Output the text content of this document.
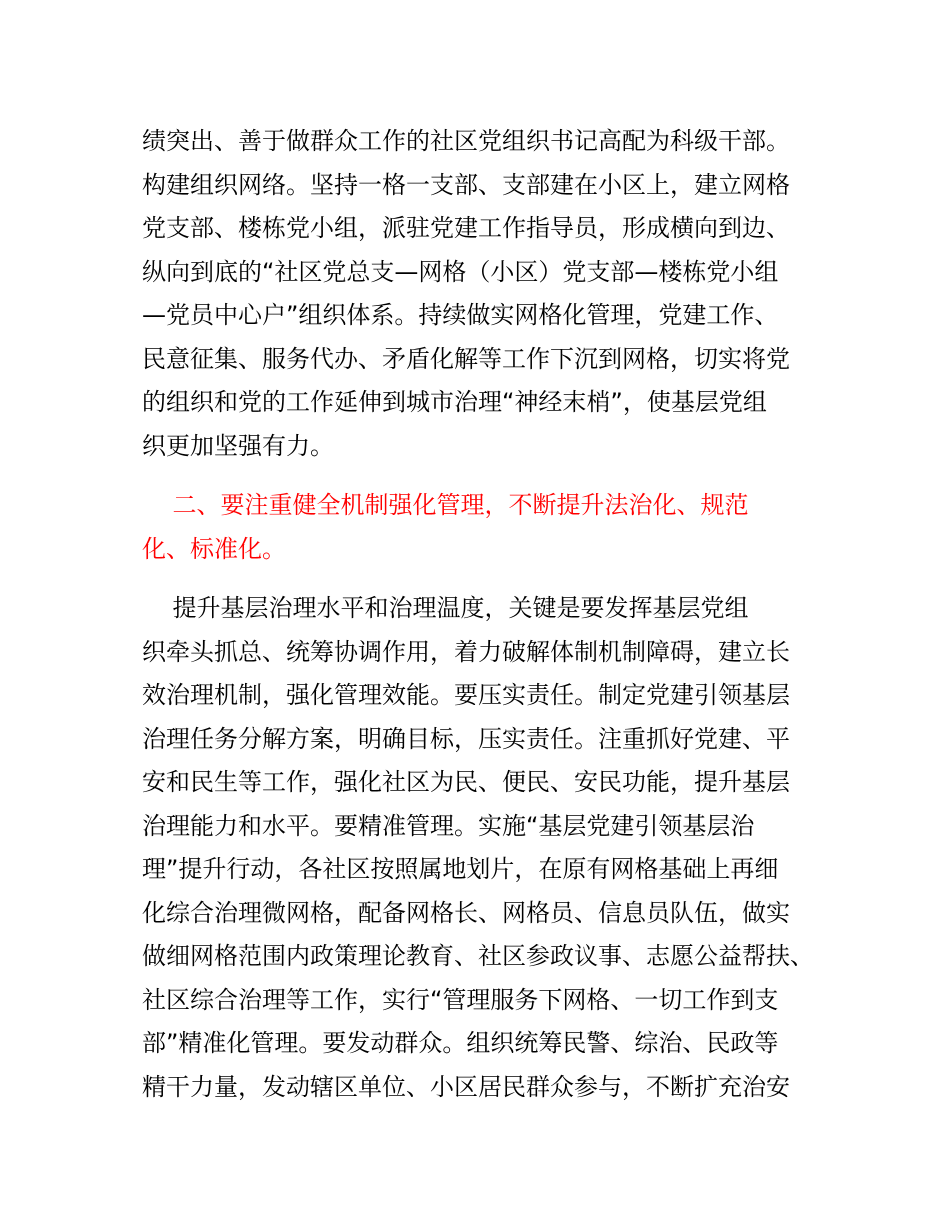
绩突出、善于做群众工作的社区党组织书记高配为科级干部。
构建组织网络。坚持一格一支部、支部建在小区上，建立网格
党支部、楼栋党小组，派驻党建工作指导员，形成横向到边、
纵向到底的“社区党总支—网格（小区）党支部—楼栋党小组
—党员中心户”组织体系。持续做实网格化管理，党建工作、
民意征集、服务代办、矛盾化解等工作下沉到网格，切实将党
的组织和党的工作延伸到城市治理“神经末梢”，使基层党组
织更加坚强有力。
二、要注重健全机制强化管理，不断提升法治化、规范
化、标准化。
提升基层治理水平和治理温度，关键是要发挥基层党组
织牵头抓总、统筹协调作用，着力破解体制机制障碍，建立长
效治理机制，强化管理效能。要压实责任。制定党建引领基层
治理任务分解方案，明确目标，压实责任。注重抓好党建、平
安和民生等工作，强化社区为民、便民、安民功能，提升基层
治理能力和水平。要精准管理。实施“基层党建引领基层治
理”提升行动，各社区按照属地划片，在原有网格基础上再细
化综合治理微网格，配备网格长、网格员、信息员队伍，做实
做细网格范围内政策理论教育、社区参政议事、志愿公益帮扶、
社区综合治理等工作，实行“管理服务下网格、一切工作到支
部”精准化管理。要发动群众。组织统筹民警、综治、民政等
精干力量，发动辖区单位、小区居民群众参与，不断扩充治安
